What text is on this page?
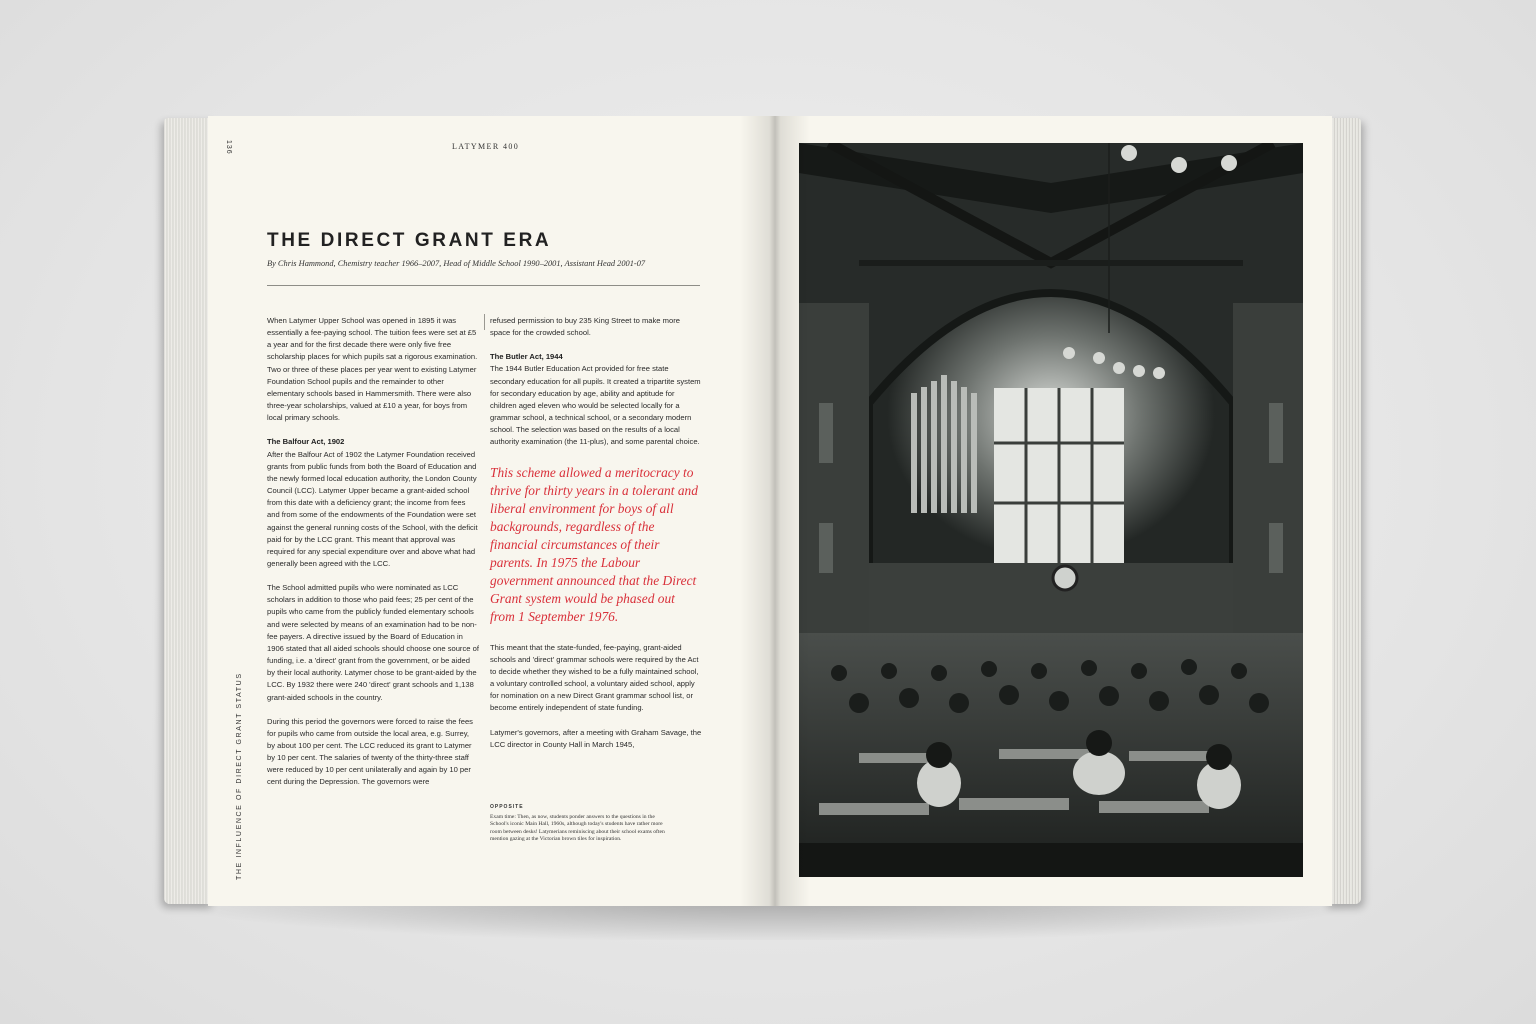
LATYMER 400
136
THE INFLUENCE OF DIRECT GRANT STATUS
THE DIRECT GRANT ERA
By Chris Hammond, Chemistry teacher 1966–2007, Head of Middle School 1990–2001, Assistant Head 2001-07

When Latymer Upper School was opened in 1895 it was essentially a fee-paying school. The tuition fees were set at £5 a year and for the first decade there were only five free scholarship places for which pupils sat a rigorous examination. Two or three of these places per year went to existing Latymer Foundation School pupils and the remainder to other elementary schools based in Hammersmith. There were also three-year scholarships, valued at £10 a year, for boys from local primary schools.

The Balfour Act, 1902

After the Balfour Act of 1902 the Latymer Foundation received grants from public funds from both the Board of Education and the newly formed local education authority, the London County Council (LCC). Latymer Upper became a grant-aided school from this date with a deficiency grant; the income from fees and from some of the endowments of the Foundation were set against the general running costs of the School, with the deficit paid for by the LCC grant. This meant that approval was required for any special expenditure over and above what had generally been agreed with the LCC.

The School admitted pupils who were nominated as LCC scholars in addition to those who paid fees; 25 per cent of the pupils who came from the publicly funded elementary schools and were selected by means of an examination had to be non-fee payers. A directive issued by the Board of Education in 1906 stated that all aided schools should choose one source of funding, i.e. a 'direct' grant from the government, or be aided by their local authority. Latymer chose to be grant-aided by the LCC. By 1932 there were 240 'direct' grant schools and 1,138 grant-aided schools in the country.

During this period the governors were forced to raise the fees for pupils who came from outside the local area, e.g. Surrey, by about 100 per cent. The LCC reduced its grant to Latymer by 10 per cent. The salaries of twenty of the thirty-three staff were reduced by 10 per cent unilaterally and again by 10 per cent during the Depression. The governors were

refused permission to buy 235 King Street to make more space for the crowded school.

The Butler Act, 1944

The 1944 Butler Education Act provided for free state secondary education for all pupils. It created a tripartite system for secondary education by age, ability and aptitude for children aged eleven who would be selected locally for a grammar school, a technical school, or a secondary modern school. The selection was based on the results of a local authority examination (the 11-plus), and some parental choice.

This scheme allowed a meritocracy to thrive for thirty years in a tolerant and liberal environment for boys of all backgrounds, regardless of the financial circumstances of their parents. In 1975 the Labour government announced that the Direct Grant system would be phased out from 1 September 1976.

This meant that the state-funded, fee-paying, grant-aided schools and 'direct' grammar schools were required by the Act to decide whether they wished to be a fully maintained school, a voluntary controlled school, a voluntary aided school, apply for nomination on a new Direct Grant grammar school list, or become entirely independent of state funding.

Latymer's governors, after a meeting with Graham Savage, the LCC director in County Hall in March 1945,

OPPOSITE
Exam time: Then, as now, students ponder answers to the questions in the School's iconic Main Hall, 1960s, although today's students have rather more room between desks! Latymerians reminiscing about their school exams often mention gazing at the Victorian brown tiles for inspiration.
